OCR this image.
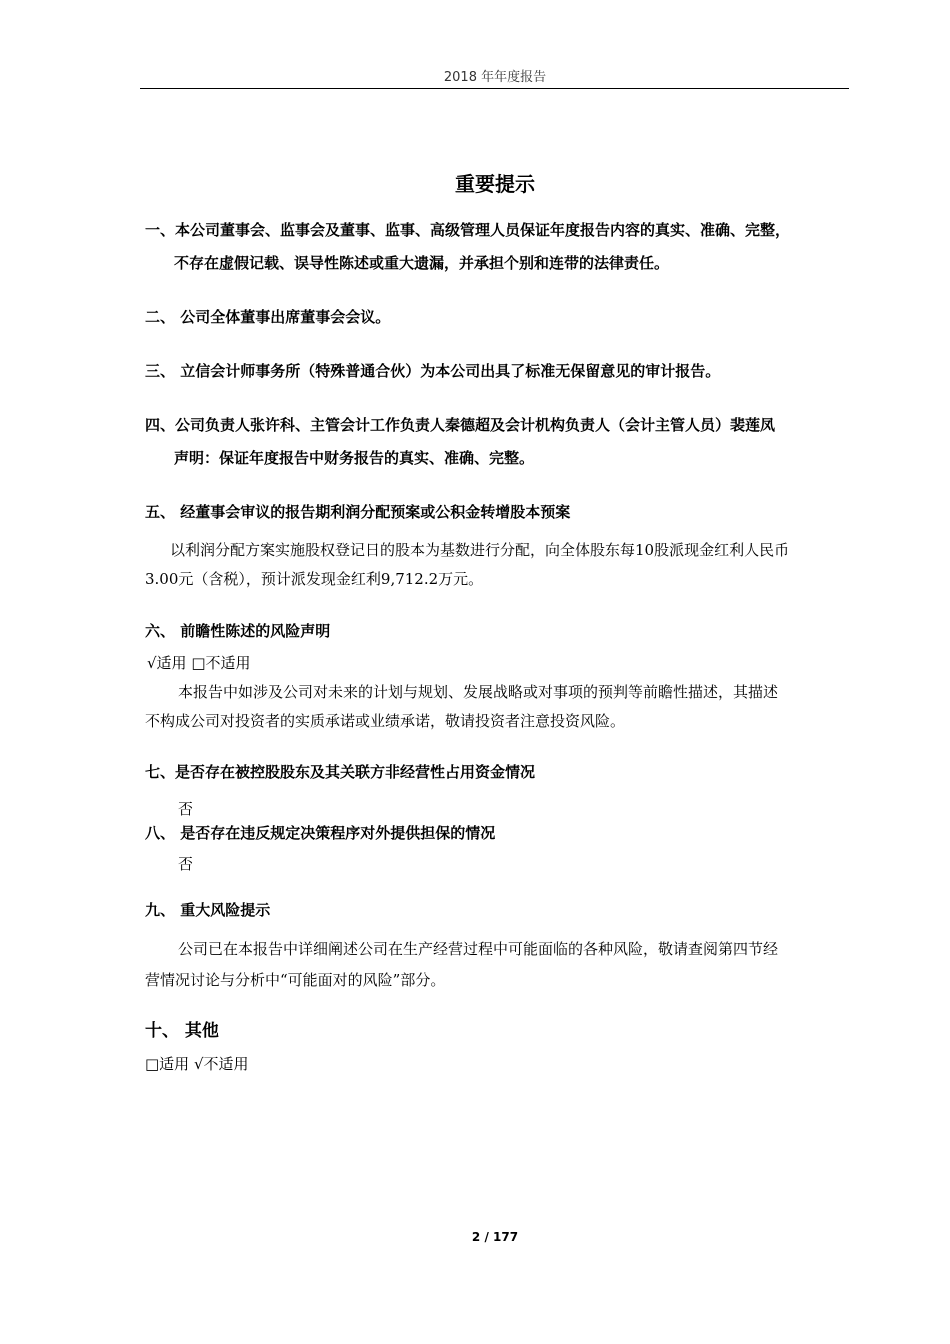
2018 年年度报告
重要提示
一、本公司董事会、监事会及董事、监事、高级管理人员保证年度报告内容的真实、准确、完整，
不存在虚假记载、误导性陈述或重大遗漏，并承担个别和连带的法律责任。
二、 公司全体董事出席董事会会议。
三、 立信会计师事务所（特殊普通合伙）为本公司出具了标准无保留意见的审计报告。
四、公司负责人张许科、主管会计工作负责人秦德超及会计机构负责人（会计主管人员）裴莲凤
声明：保证年度报告中财务报告的真实、准确、完整。
五、 经董事会审议的报告期利润分配预案或公积金转增股本预案
以利润分配方案实施股权登记日的股本为基数进行分配，向全体股东每10股派现金红利人民币
3.00元（含税），预计派发现金红利9,712.2万元。
六、 前瞻性陈述的风险声明
√适用 □不适用
本报告中如涉及公司对未来的计划与规划、发展战略或对事项的预判等前瞻性描述，其描述
不构成公司对投资者的实质承诺或业绩承诺，敬请投资者注意投资风险。
七、是否存在被控股股东及其关联方非经营性占用资金情况
否
八、 是否存在违反规定决策程序对外提供担保的情况
否
九、 重大风险提示
公司已在本报告中详细阐述公司在生产经营过程中可能面临的各种风险，敬请查阅第四节经
营情况讨论与分析中“可能面对的风险”部分。
十、 其他
□适用 √不适用
2 / 177
